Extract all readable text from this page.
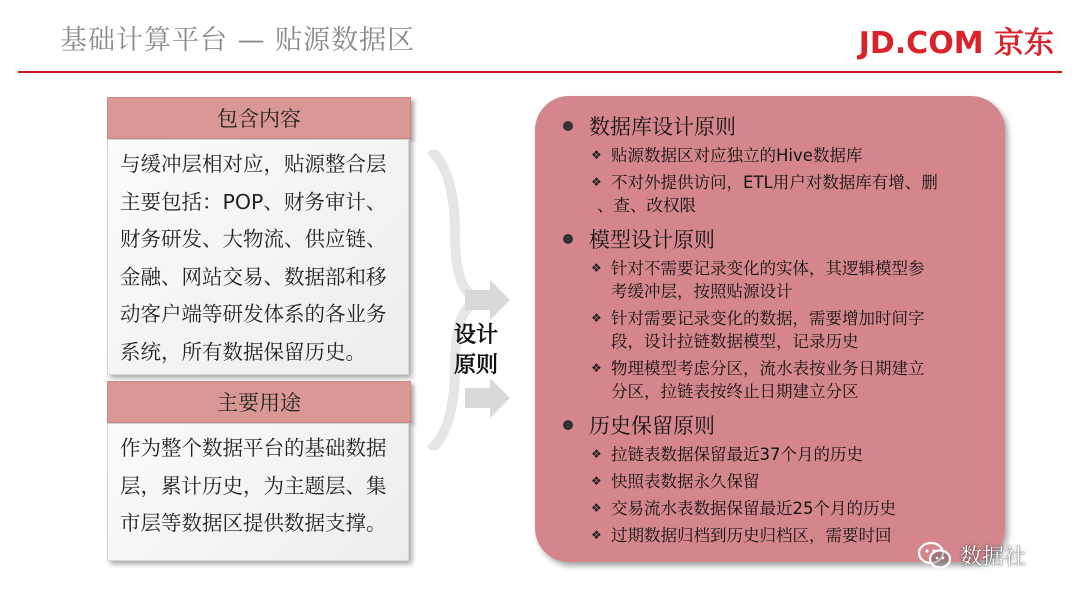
基础计算平台 — 贴源数据区	JD.COM 京东
包含内容
与缓冲层相对应，贴源整合层
主要包括：POP、财务审计、
财务研发、大物流、供应链、
金融、网站交易、数据部和移
动客户端等研发体系的各业务
系统，所有数据保留历史。
主要用途
作为整个数据平台的基础数据
层，累计历史，为主题层、集
市层等数据区提供数据支撑。
设计
原则
数据库设计原则
❖ 贴源数据区对应独立的Hive数据库
❖ 不对外提供访问，ETL用户对数据库有增、删
、查、改权限
模型设计原则
❖ 针对不需要记录变化的实体，其逻辑模型参
考缓冲层，按照贴源设计
❖ 针对需要记录变化的数据，需要增加时间字
段，设计拉链数据模型，记录历史
❖ 物理模型考虑分区，流水表按业务日期建立
分区，拉链表按终止日期建立分区
历史保留原则
❖ 拉链表数据保留最近37个月的历史
❖ 快照表数据永久保留
❖ 交易流水表数据保留最近25个月的历史
❖ 过期数据归档到历史归档区，需要时回
数据社
